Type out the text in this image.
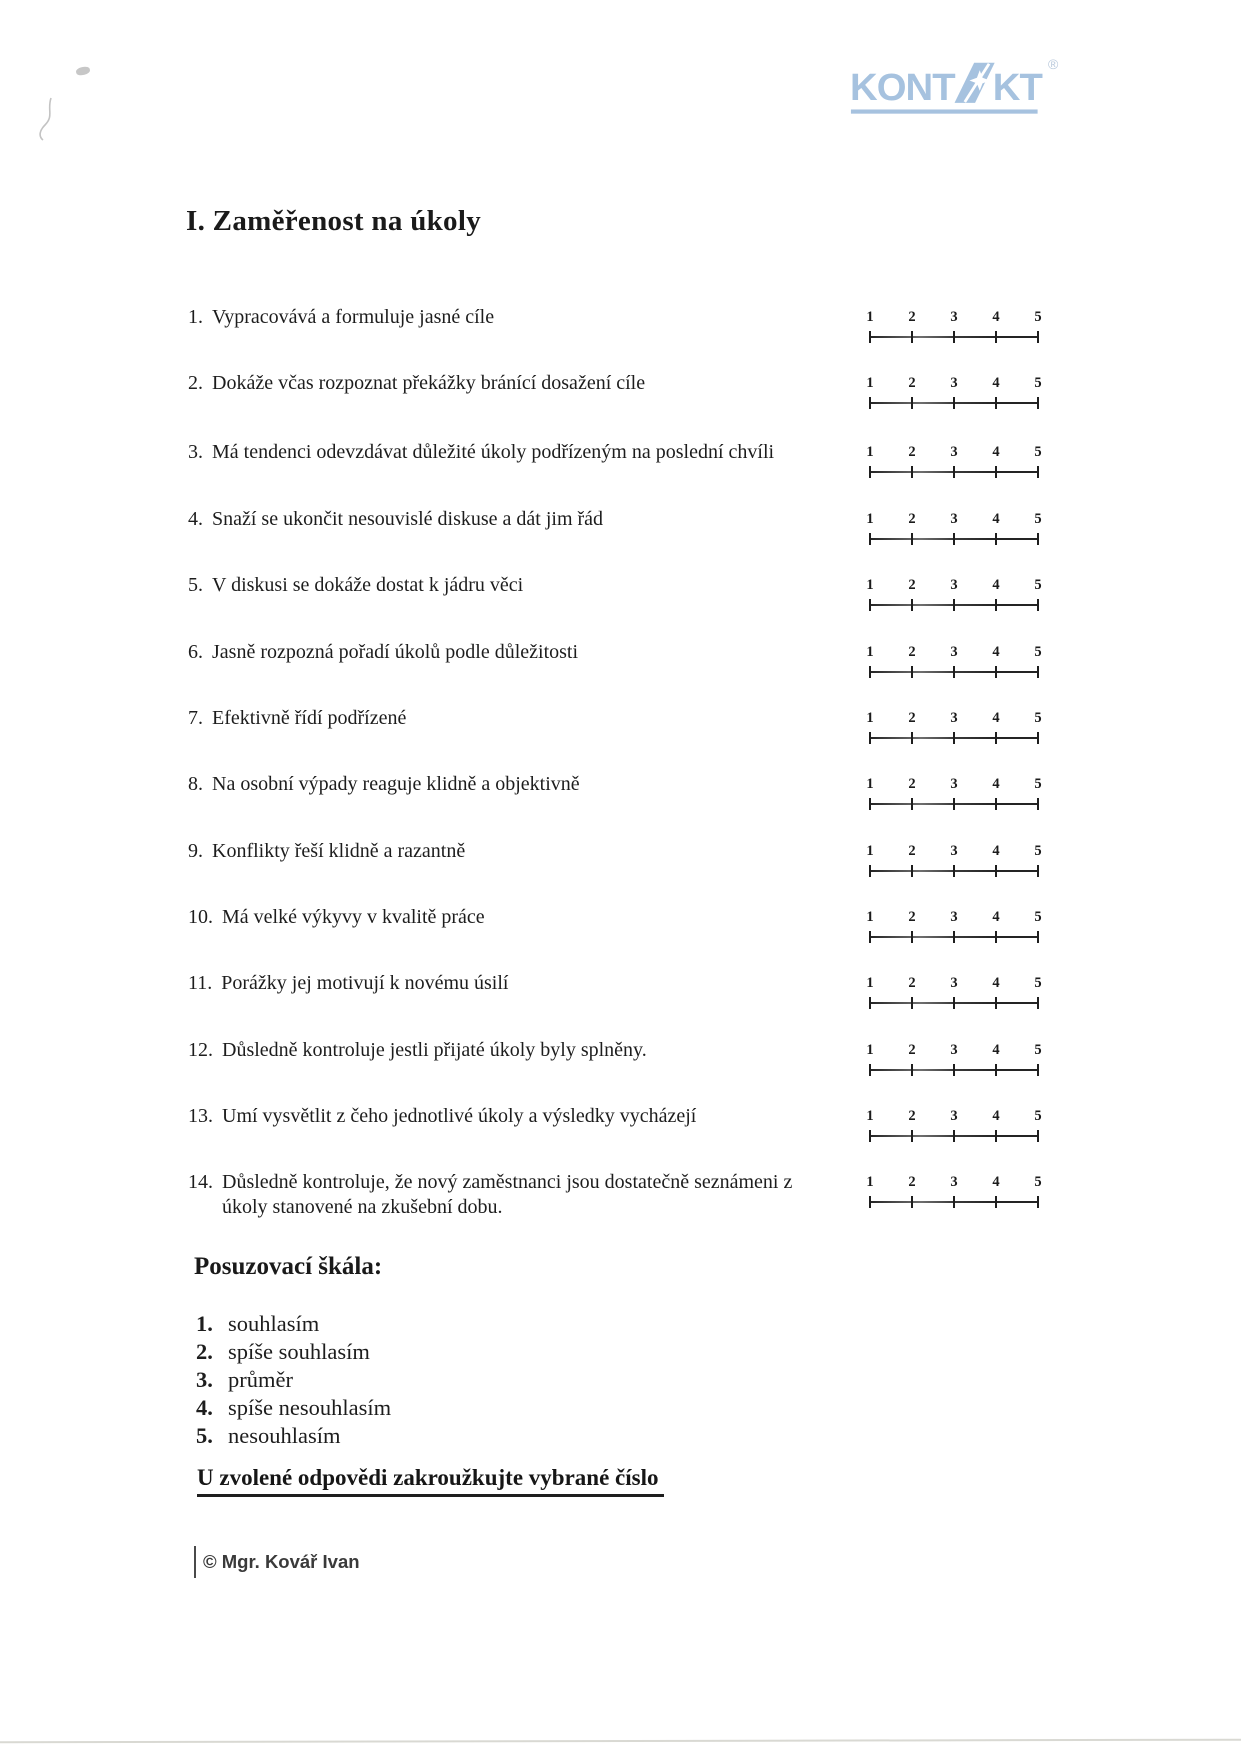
KONT KT
®
I. Zaměřenost na úkoly
1. Vypracovává a formuluje jasné cíle	1 2 3 4 5
2. Dokáže včas rozpoznat překážky bránící dosažení cíle	1 2 3 4 5
3. Má tendenci odevzdávat důležité úkoly podřízeným na poslední chvíli	1 2 3 4 5
4. Snaží se ukončit nesouvislé diskuse a dát jim řád	1 2 3 4 5
5. V diskusi se dokáže dostat k jádru věci	1 2 3 4 5
6. Jasně rozpozná pořadí úkolů podle důležitosti	1 2 3 4 5
7. Efektivně řídí podřízené	1 2 3 4 5
8. Na osobní výpady reaguje klidně a objektivně	1 2 3 4 5
9. Konflikty řeší klidně a razantně	1 2 3 4 5
10. Má velké výkyvy v kvalitě práce	1 2 3 4 5
11. Porážky jej motivují k novému úsilí	1 2 3 4 5
12. Důsledně kontroluje jestli přijaté úkoly byly splněny.	1 2 3 4 5
13. Umí vysvětlit z čeho jednotlivé úkoly a výsledky vycházejí	1 2 3 4 5
14. Důsledně kontroluje, že nový zaměstnanci jsou dostatečně seznámeni z
úkoly stanovené na zkušební dobu.
1 2 3 4 5
Posuzovací škála:
1. souhlasím
2. spíše souhlasím
3. průměr
4. spíše nesouhlasím
5. nesouhlasím
U zvolené odpovědi zakroužkujte vybrané číslo
© Mgr. Kovář Ivan
